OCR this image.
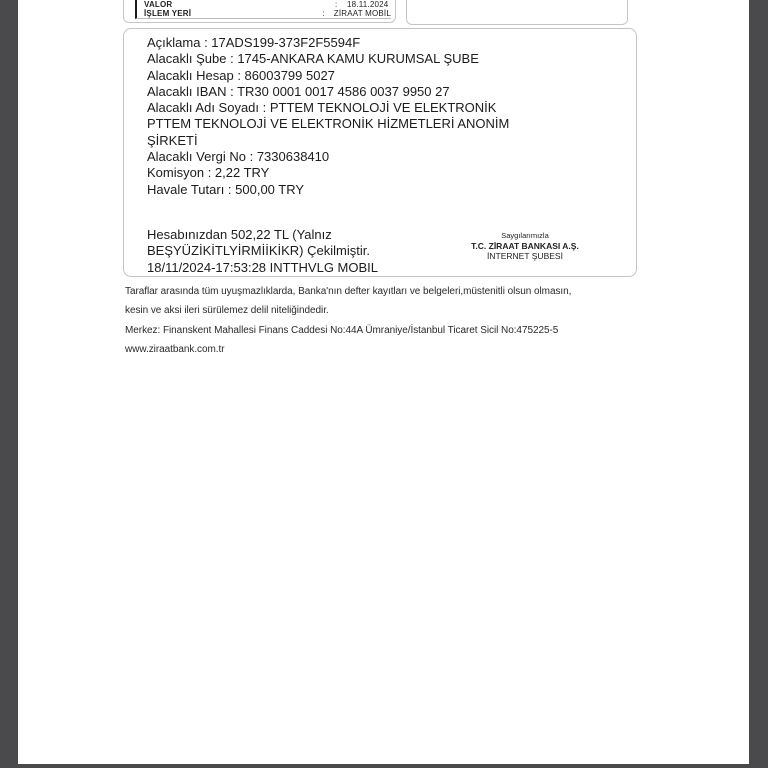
VALOR	:	18.11.2024
İŞLEM YERİ	:	ZİRAAT MOBİL
Açıklama : 17ADS199-373F2F5594F
Alacaklı Şube : 1745-ANKARA KAMU KURUMSAL ŞUBE
Alacaklı Hesap : 86003799 5027
Alacaklı IBAN : TR30 0001 0017 4586 0037 9950 27
Alacaklı Adı Soyadı : PTTEM TEKNOLOJİ VE ELEKTRONİK
PTTEM TEKNOLOJİ VE ELEKTRONİK HİZMETLERİ ANONİM
ŞİRKETİ
Alacaklı Vergi No : 7330638410
Komisyon : 2,22 TRY
Havale Tutarı : 500,00 TRY
Hesabınızdan 502,22 TL (Yalnız
BEŞYÜZİKİTLYİRMİİKİKR) Çekilmiştir.
18/11/2024-17:53:28 INTTHVLG MOBIL
Saygılarımızla
T.C. ZİRAAT BANKASI A.Ş.
İNTERNET ŞUBESİ
Taraflar arasında tüm uyuşmazlıklarda, Banka'nın defter kayıtları ve belgeleri,müstenitli olsun olmasın,
kesin ve aksi ileri sürülemez delil niteliğindedir.
Merkez: Finanskent Mahallesi Finans Caddesi No:44A Ümraniye/İstanbul Ticaret Sicil No:475225-5
www.ziraatbank.com.tr
